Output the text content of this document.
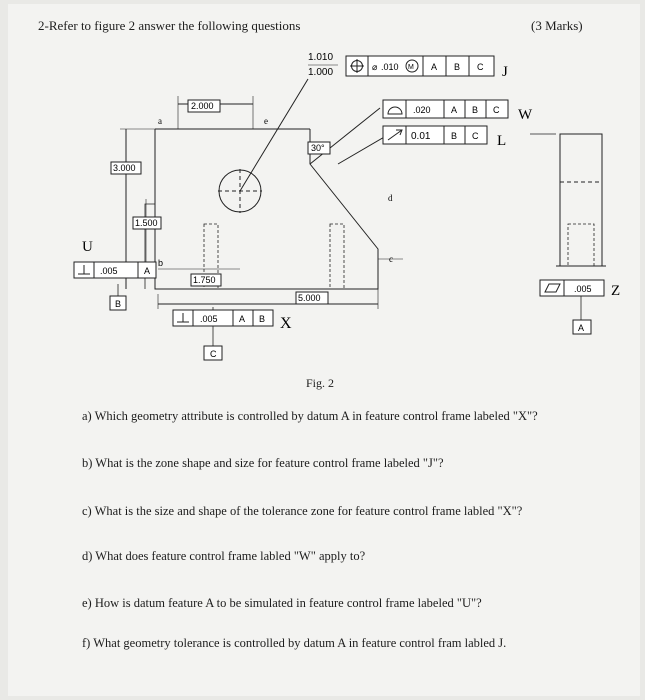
2-Refer to figure 2 answer the following questions	(3 Marks)
1.010
1.000	⌀ .010 M A B C J
.020 A B C W
0.01 B C L
2.000
3.000
1.500
1.750
5.000
30°
U
.005	A
b
.005 A B X
.005 Z
B
C
A
a	e
d
c
Fig. 2
a) Which geometry attribute is controlled by datum A in feature control frame labeled "X"?
b) What is the zone shape and size for feature control frame labeled "J"?
c) What is the size and shape of the tolerance zone for feature control frame labled "X"?
d) What does feature control frame labled "W" apply to?
e) How is datum feature A to be simulated in feature control frame labeled "U"?
f) What geometry tolerance is controlled by datum A in feature control fram labled J.
